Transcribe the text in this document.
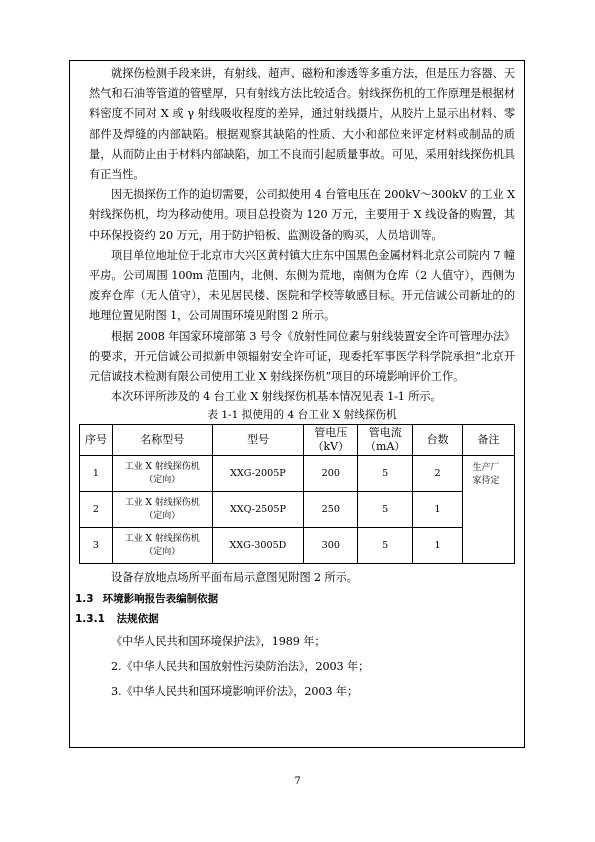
就探伤检测手段来讲，有射线、超声、磁粉和渗透等多重方法，但是压力容器、天然气和石油等管道的管壁厚，只有射线方法比较适合。射线探伤机的工作原理是根据材料密度不同对 X 或 γ 射线吸收程度的差异，通过射线摄片，从胶片上显示出材料、零部件及焊缝的内部缺陷。根据观察其缺陷的性质、大小和部位来评定材料或制品的质量，从而防止由于材料内部缺陷，加工不良而引起质量事故。可见，采用射线探伤机具有正当性。

因无损探伤工作的迫切需要，公司拟使用 4 台管电压在 200kV～300kV 的工业 X 射线探伤机，均为移动使用。项目总投资为 120 万元，主要用于 X 线设备的购置，其中环保投资约 20 万元，用于防护铅板、监测设备的购买，人员培训等。

项目单位地址位于北京市大兴区黄村镇大庄东中国黑色金属材料北京公司院内 7 幢平房。公司周围 100m 范围内，北侧、东侧为荒地，南侧为仓库（2 人值守），西侧为废弃仓库（无人值守），未见居民楼、医院和学校等敏感目标。开元信诚公司新址的的地理位置见附图 1，公司周围环境见附图 2 所示。

根据 2008 年国家环境部第 3 号令《放射性同位素与射线装置安全许可管理办法》的要求，开元信诚公司拟新申领辐射安全许可证，现委托军事医学科学院承担“北京开元信诚技术检测有限公司使用工业 X 射线探伤机”项目的环境影响评价工作。

本次环评所涉及的 4 台工业 X 射线探伤机基本情况见表 1-1 所示。

表 1-1 拟使用的 4 台工业 X 射线探伤机
序号	名称型号	型号	管电压（kV）	管电流（mA）	台数	备注
1	工业 X 射线探伤机
（定向）	XXG-2005P	200	5	2	生产厂家待定

2	工业 X 射线探伤机
（定向）	XXQ-2505P	250	5	1	
3	工业 X 射线探伤机
（定向）	XXG-3005D	300	5	1	

设备存放地点场所平面布局示意图见附图 2 所示。

1.3 环境影响报告表编制依据
1.3.1 法规依据

《中华人民共和国环境保护法》，1989 年；

2.《中华人民共和国放射性污染防治法》，2003 年；

3.《中华人民共和国环境影响评价法》，2003 年；

7
